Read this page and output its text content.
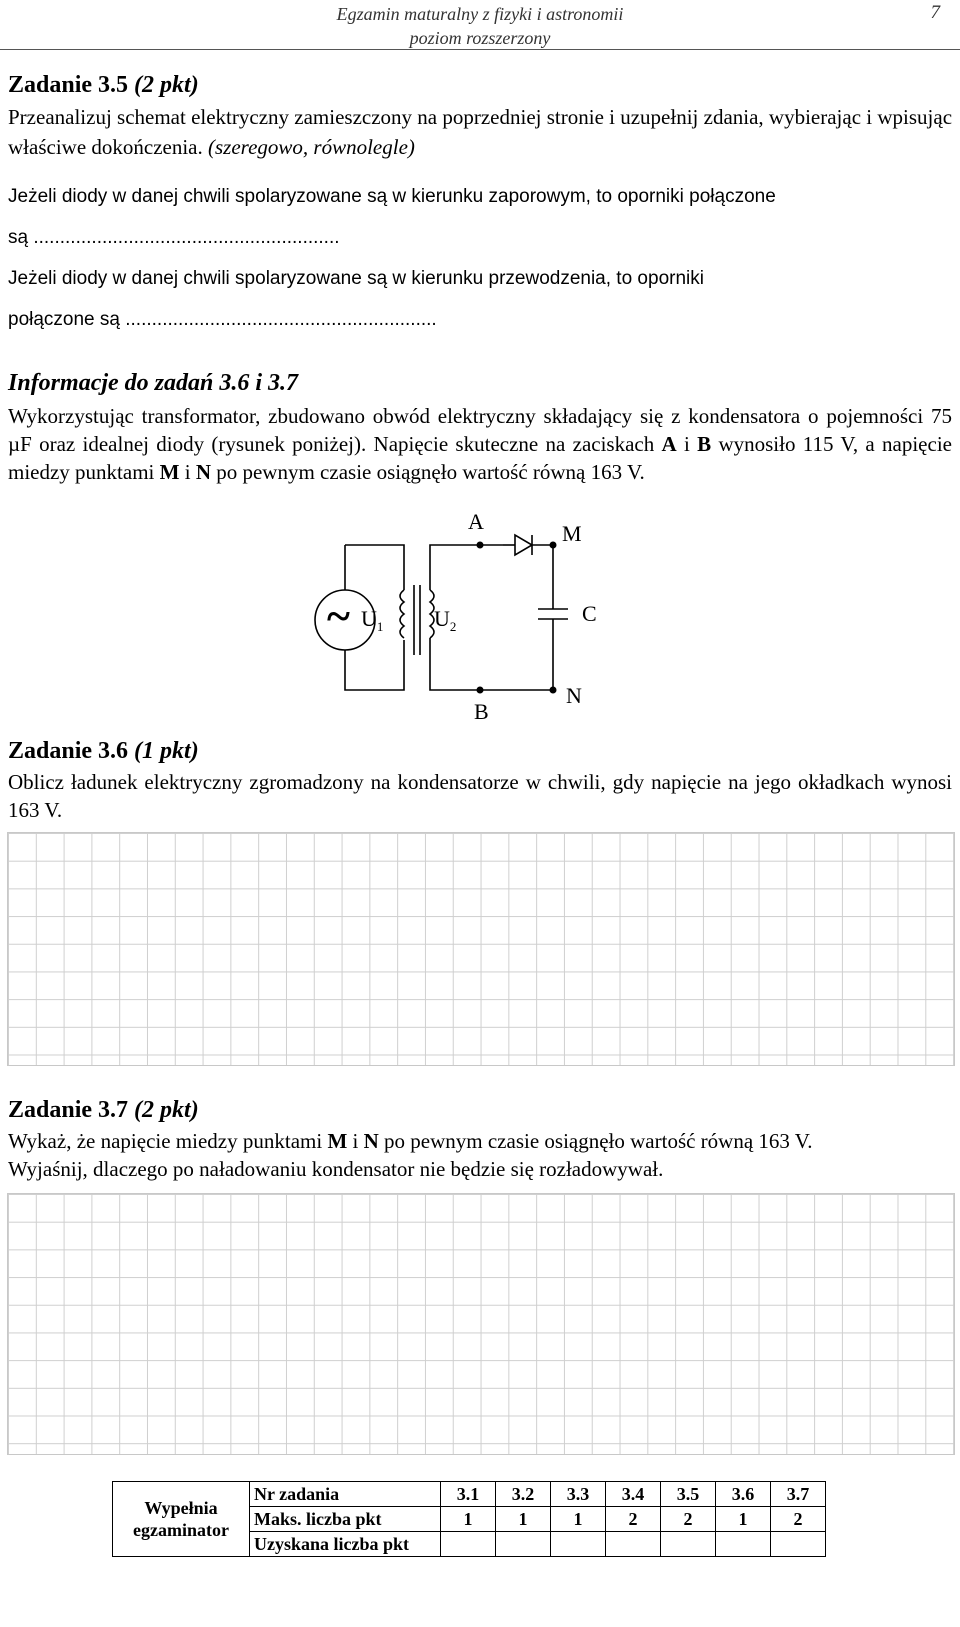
Egzamin maturalny z fizyki i astronomii
poziom rozszerzony
7
Zadanie 3.5 (2 pkt)
Przeanalizuj schemat elektryczny zamieszczony na poprzedniej stronie i uzupełnij zdania, wybierając i wpisując właściwe dokończenia. (szeregowo, równolegle)
Jeżeli diody w danej chwili spolaryzowane są w kierunku zaporowym, to oporniki połączone
są ..........................................................
Jeżeli diody w danej chwili spolaryzowane są w kierunku przewodzenia, to oporniki
połączone są ...........................................................
Informacje do zadań 3.6 i 3.7
Wykorzystując transformator, zbudowano obwód elektryczny składający się z kondensatora o pojemności 75 µF oraz idealnej diody (rysunek poniżej). Napięcie skuteczne na zaciskach A i B wynosiło 115 V, a napięcie miedzy punktami M i N po pewnym czasie osiągnęło wartość równą 163 V.
A	M
C
B
N
$U_1$ $U_2$
~
Zadanie 3.6 (1 pkt)
Oblicz ładunek elektryczny zgromadzony na kondensatorze w chwili, gdy napięcie na jego okładkach wynosi 163 V.
Zadanie 3.7 (2 pkt)
Wykaż, że napięcie miedzy punktami M i N po pewnym czasie osiągnęło wartość równą 163 V.
Wyjaśnij, dlaczego po naładowaniu kondensator nie będzie się rozładowywał.
Wypełnia
egzaminator	Nr zadania	3.1	3.2	3.3	3.4	3.5	3.6	3.7
	Maks. liczba pkt	1	1	1	2	2	1	2
	Uzyskana liczba pkt							
